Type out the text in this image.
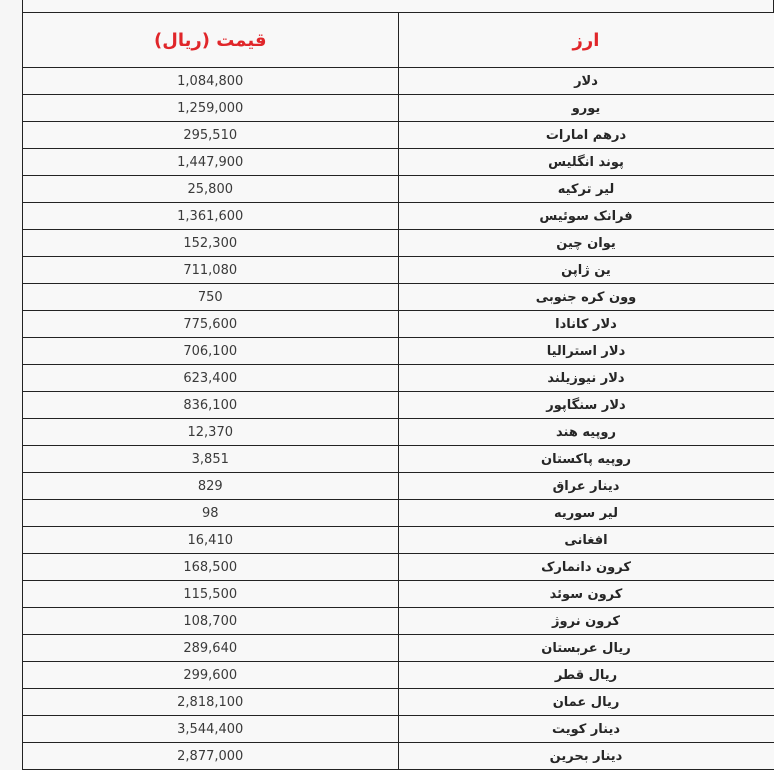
قیمت (ریال)	ارز
1,084,800	دلار
1,259,000	یورو
295,510	درهم امارات
1,447,900	پوند انگلیس
25,800	لیر ترکیه
1,361,600	فرانک سوئیس
152,300	یوان چین
711,080	ین ژاپن
750	وون کره جنوبی
775,600	دلار کانادا
706,100	دلار استرالیا
623,400	دلار نیوزیلند
836,100	دلار سنگاپور
12,370	روپیه هند
3,851	روپیه پاکستان
829	دینار عراق
98	لیر سوریه
16,410	افغانی
168,500	کرون دانمارک
115,500	کرون سوئد
108,700	کرون نروژ
289,640	ریال عربستان
299,600	ریال قطر
2,818,100	ریال عمان
3,544,400	دینار کویت
2,877,000	دینار بحرین
